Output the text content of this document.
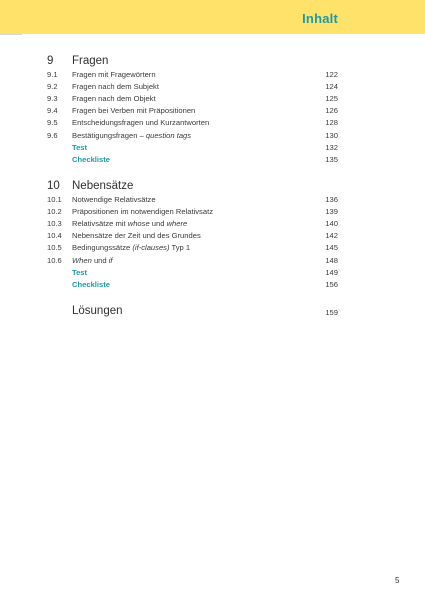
Inhalt
9 Fragen
9.1 Fragen mit Fragewörtern	122
9.2 Fragen nach dem Subjekt	124
9.3 Fragen nach dem Objekt	125
9.4 Fragen bei Verben mit Präpositionen	126
9.5 Entscheidungsfragen und Kurzantworten	128
9.6 Bestätigungsfragen – question tags	130
Test	132
Checkliste	135
10 Nebensätze
10.1 Notwendige Relativsätze	136
10.2 Präpositionen im notwendigen Relativsatz	139
10.3 Relativsätze mit whose und where	140
10.4 Nebensätze der Zeit und des Grundes	142
10.5 Bedingungssätze (if-clauses) Typ 1	145
10.6 When und if	148
Test	149
Checkliste	156
Lösungen	159
5
